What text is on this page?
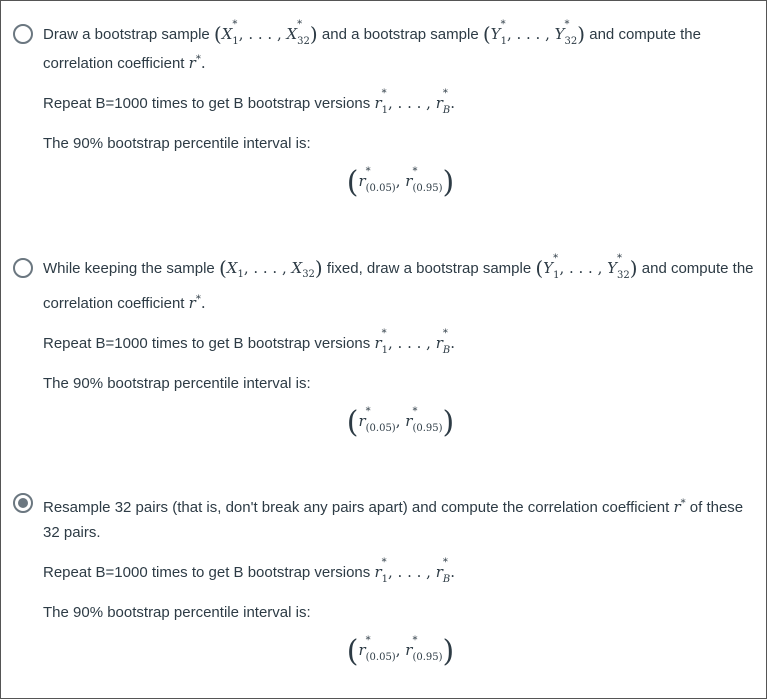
Draw a bootstrap sample (X
*
1, . . . , X
*
32) and a bootstrap sample (Y
*
1, . . . , Y
*
32) and compute the correlation coefficient r*.

Repeat B=1000 times to get B bootstrap versions r
*
1, . . . , r
*
B.

The 90% bootstrap percentile interval is:

(r
*
(0.05), r
*
(0.95))

While keeping the sample ($X_1$, . . . , $X_{32}$) fixed, draw a bootstrap sample (Y
*
1, . . . , Y
*
32) and compute the correlation coefficient r*.

Repeat B=1000 times to get B bootstrap versions r
*
1, . . . , r
*
B.

The 90% bootstrap percentile interval is:

(r
*
(0.05), r
*
(0.95))

Resample 32 pairs (that is, don't break any pairs apart) and compute the correlation coefficient r* of these 32 pairs.

Repeat B=1000 times to get B bootstrap versions r
*
1, . . . , r
*
B.

The 90% bootstrap percentile interval is:

(r
*
(0.05), r
*
(0.95))
